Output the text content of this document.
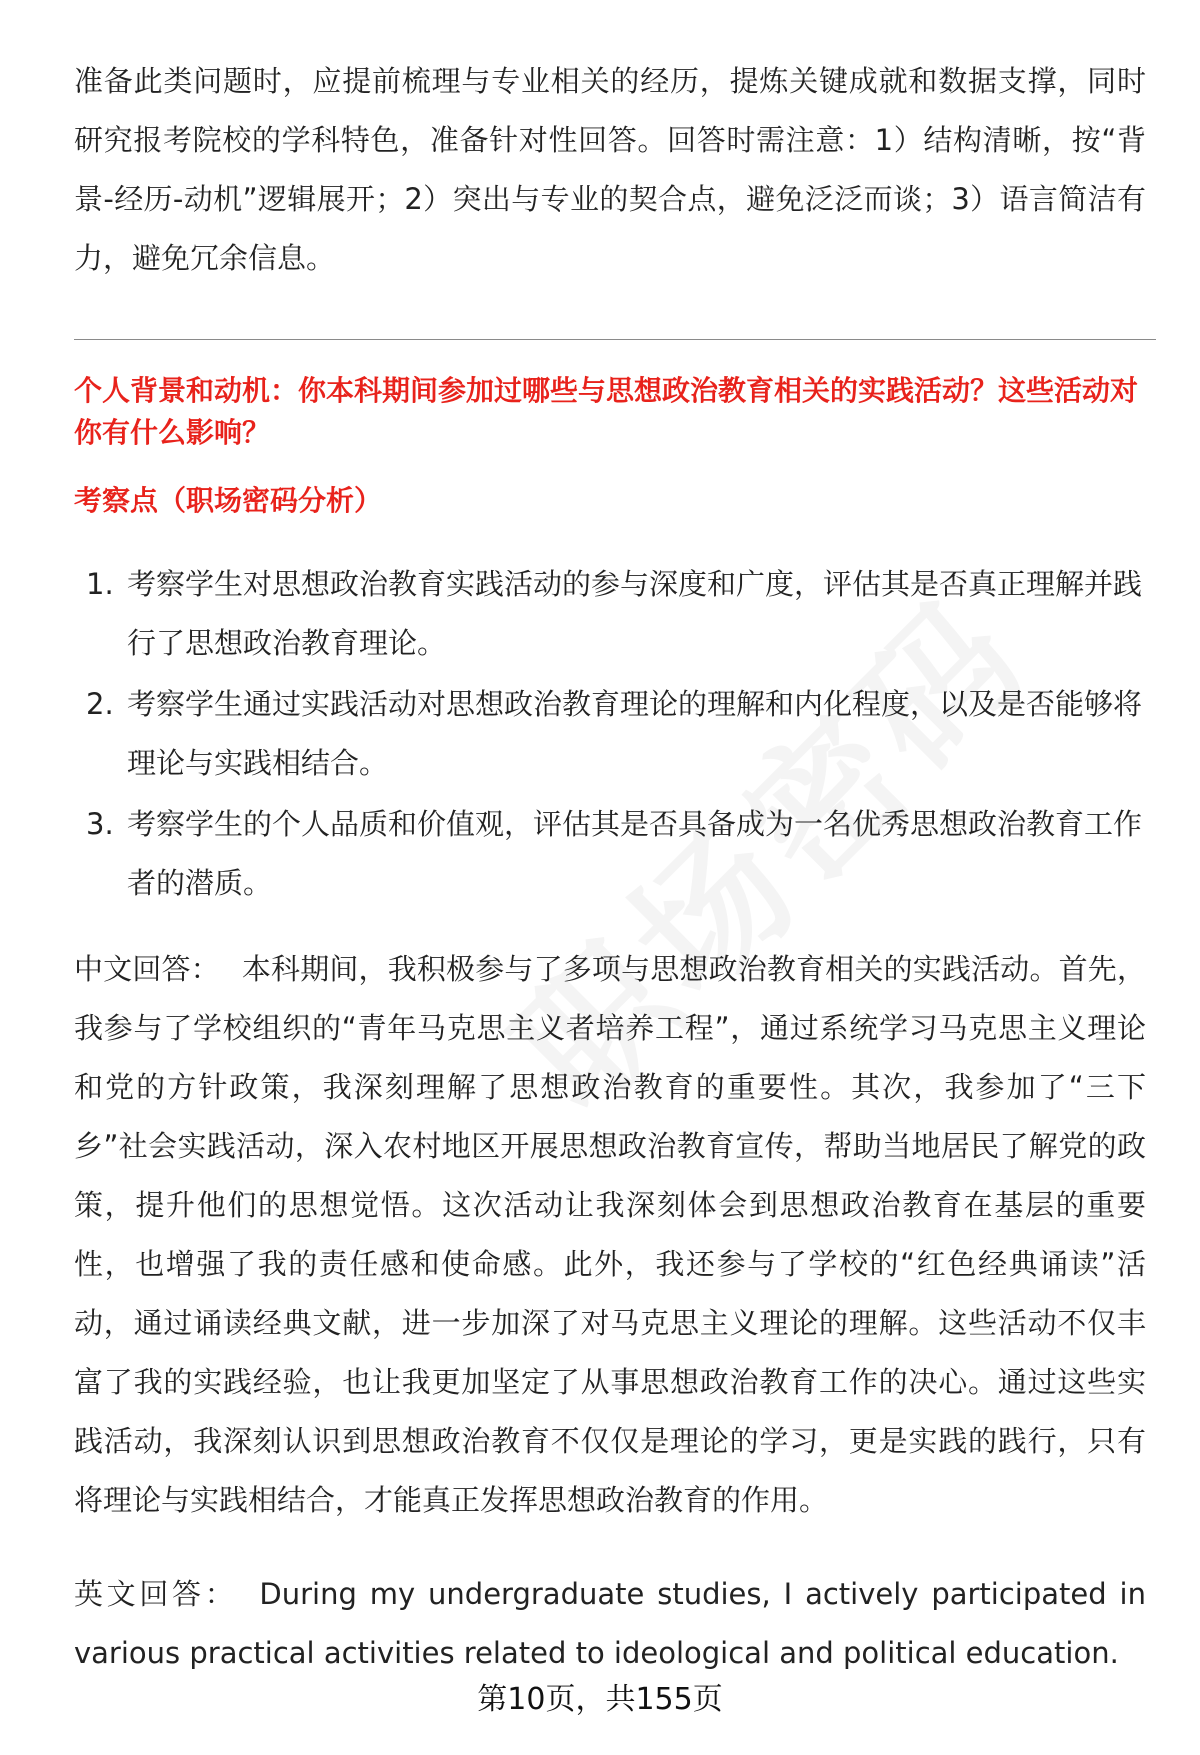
准备此类问题时，应提前梳理与专业相关的经历，提炼关键成就和数据支撑，同时研究报考院校的学科特色，准备针对性回答。回答时需注意：1）结构清晰，按“背景-经历-动机”逻辑展开；2）突出与专业的契合点，避免泛泛而谈；3）语言简洁有力，避免冗余信息。

个人背景和动机：你本科期间参加过哪些与思想政治教育相关的实践活动？这些活动对你有什么影响？
考察点（职场密码分析）
1. 考察学生对思想政治教育实践活动的参与深度和广度，评估其是否真正理解并践行了思想政治教育理论。
2. 考察学生通过实践活动对思想政治教育理论的理解和内化程度，以及是否能够将理论与实践相结合。
3. 考察学生的个人品质和价值观，评估其是否具备成为一名优秀思想政治教育工作者的潜质。

中文回答： 本科期间，我积极参与了多项与思想政治教育相关的实践活动。首先，我参与了学校组织的“青年马克思主义者培养工程”，通过系统学习马克思主义理论和党的方针政策，我深刻理解了思想政治教育的重要性。其次，我参加了“三下乡”社会实践活动，深入农村地区开展思想政治教育宣传，帮助当地居民了解党的政策，提升他们的思想觉悟。这次活动让我深刻体会到思想政治教育在基层的重要性，也增强了我的责任感和使命感。此外，我还参与了学校的“红色经典诵读”活动，通过诵读经典文献，进一步加深了对马克思主义理论的理解。这些活动不仅丰富了我的实践经验，也让我更加坚定了从事思想政治教育工作的决心。通过这些实践活动，我深刻认识到思想政治教育不仅仅是理论的学习，更是实践的践行，只有将理论与实践相结合，才能真正发挥思想政治教育的作用。

英文回答： During my undergraduate studies, I actively participated in various practical activities related to ideological and political education.

第10页，共155页
